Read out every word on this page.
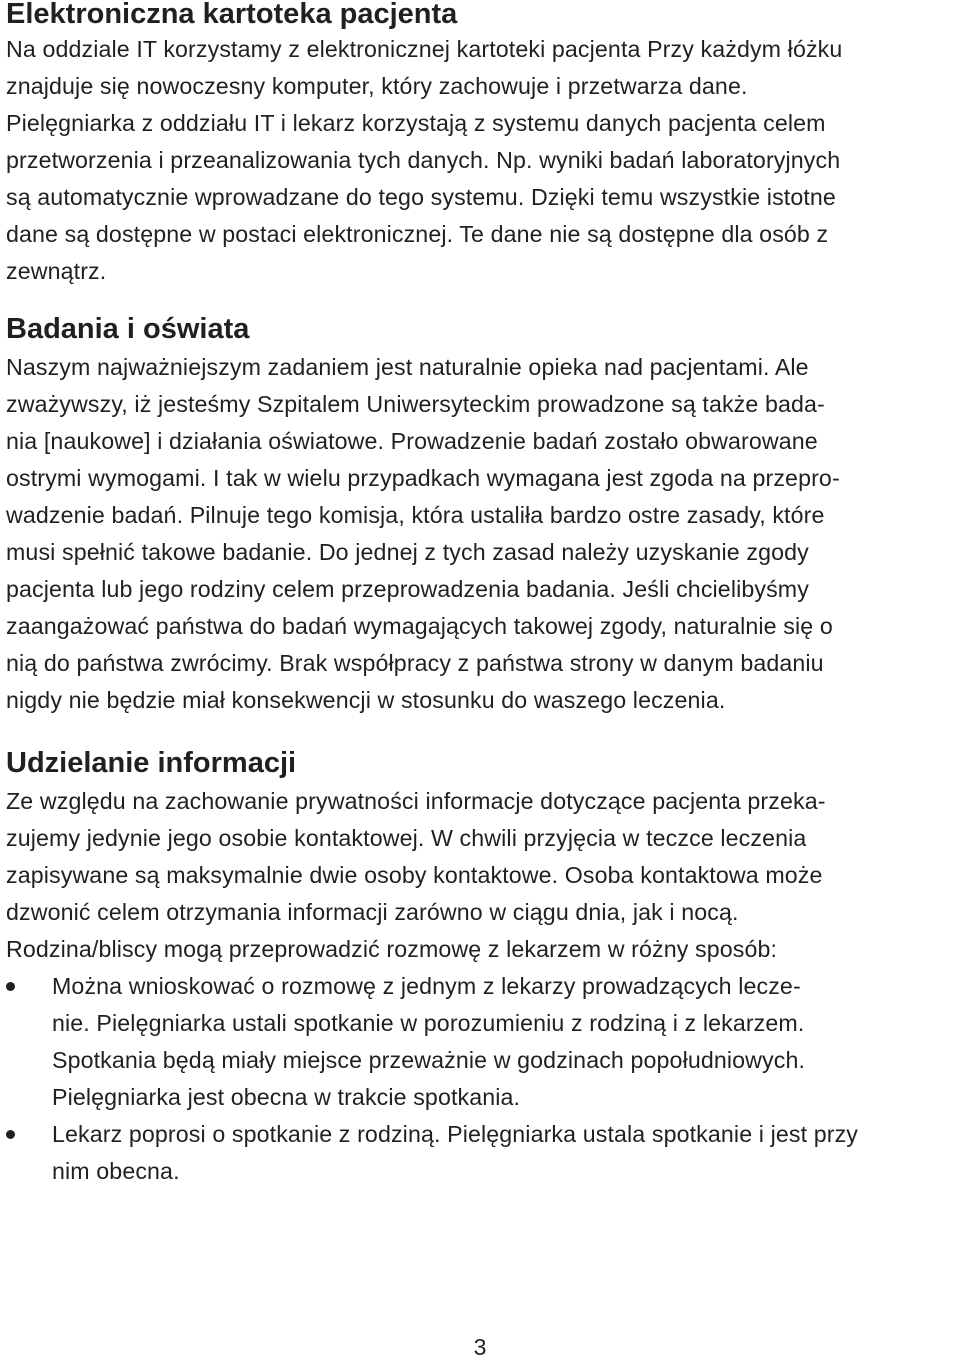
Elektroniczna kartoteka pacjenta

Na oddziale IT korzystamy z elektronicznej kartoteki pacjenta Przy każdym łóżku
znajduje się nowoczesny komputer, który zachowuje i przetwarza dane.
Pielęgniarka z oddziału IT i lekarz korzystają z systemu danych pacjenta celem
przetworzenia i przeanalizowania tych danych. Np. wyniki badań laboratoryjnych
są automatycznie wprowadzane do tego systemu. Dzięki temu wszystkie istotne
dane są dostępne w postaci elektronicznej. Te dane nie są dostępne dla osób z
zewnątrz.

Badania i oświata

Naszym najważniejszym zadaniem jest naturalnie opieka nad pacjentami. Ale
zważywszy, iż jesteśmy Szpitalem Uniwersyteckim prowadzone są także bada-
nia [naukowe] i działania oświatowe. Prowadzenie badań zostało obwarowane
ostrymi wymogami. I tak w wielu przypadkach wymagana jest zgoda na przepro-
wadzenie badań. Pilnuje tego komisja, która ustaliła bardzo ostre zasady, które
musi spełnić takowe badanie. Do jednej z tych zasad należy uzyskanie zgody
pacjenta lub jego rodziny celem przeprowadzenia badania. Jeśli chcielibyśmy
zaangażować państwa do badań wymagających takowej zgody, naturalnie się o
nią do państwa zwrócimy. Brak współpracy z państwa strony w danym badaniu
nigdy nie będzie miał konsekwencji w stosunku do waszego leczenia.

Udzielanie informacji

Ze względu na zachowanie prywatności informacje dotyczące pacjenta przeka-
zujemy jedynie jego osobie kontaktowej. W chwili przyjęcia w teczce leczenia
zapisywane są maksymalnie dwie osoby kontaktowe. Osoba kontaktowa może
dzwonić celem otrzymania informacji zarówno w ciągu dnia, jak i nocą.
Rodzina/bliscy mogą przeprowadzić rozmowę z lekarzem w różny sposób:

Można wnioskować o rozmowę z jednym z lekarzy prowadzących lecze-
nie. Pielęgniarka ustali spotkanie w porozumieniu z rodziną i z lekarzem.
Spotkania będą miały miejsce przeważnie w godzinach popołudniowych.
Pielęgniarka jest obecna w trakcie spotkania.
Lekarz poprosi o spotkanie z rodziną. Pielęgniarka ustala spotkanie i jest przy
nim obecna.
3
